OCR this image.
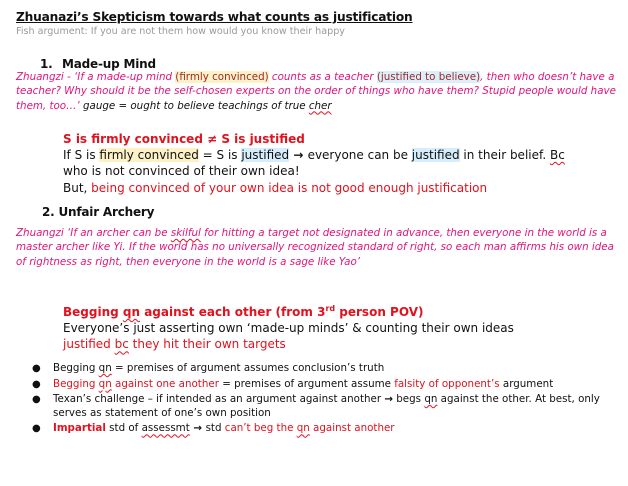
Zhuanazi’s Skepticism towards what counts as justification
Fish argument: If you are not them how would you know their happy
1. Made-up Mind
Zhuangzi - ‘If a made-up mind (firmly convinced) counts as a teacher (justified to believe), then who doesn’t have a teacher? Why should it be the self-chosen experts on the order of things who have them? Stupid people would have them, too…’ gauge = ought to believe teachings of true cher
S is firmly convinced ≠ S is justified
If S is firmly convinced = S is justified → everyone can be justified in their belief. Bc
who is not convinced of their own idea!
But, being convinced of your own idea is not good enough justification
2. Unfair Archery
Zhuangzi ‘If an archer can be skilful for hitting a target not designated in advance, then everyone in the world is a master archer like Yi. If the world has no universally recognized standard of right, so each man affirms his own idea of rightness as right, then everyone in the world is a sage like Yao’
Begging qn against each other (from 3rd person POV)
Everyone’s just asserting own ‘made-up minds’ & counting their own ideas
justified bc they hit their own targets
● Begging qn = premises of argument assumes conclusion’s truth
● Begging qn against one another = premises of argument assume falsity of opponent’s argument
● Texan’s challenge – if intended as an argument against another → begs qn against the other. At best, only serves as statement of one’s own position
● Impartial std of assessmt → std can’t beg the qn against another
